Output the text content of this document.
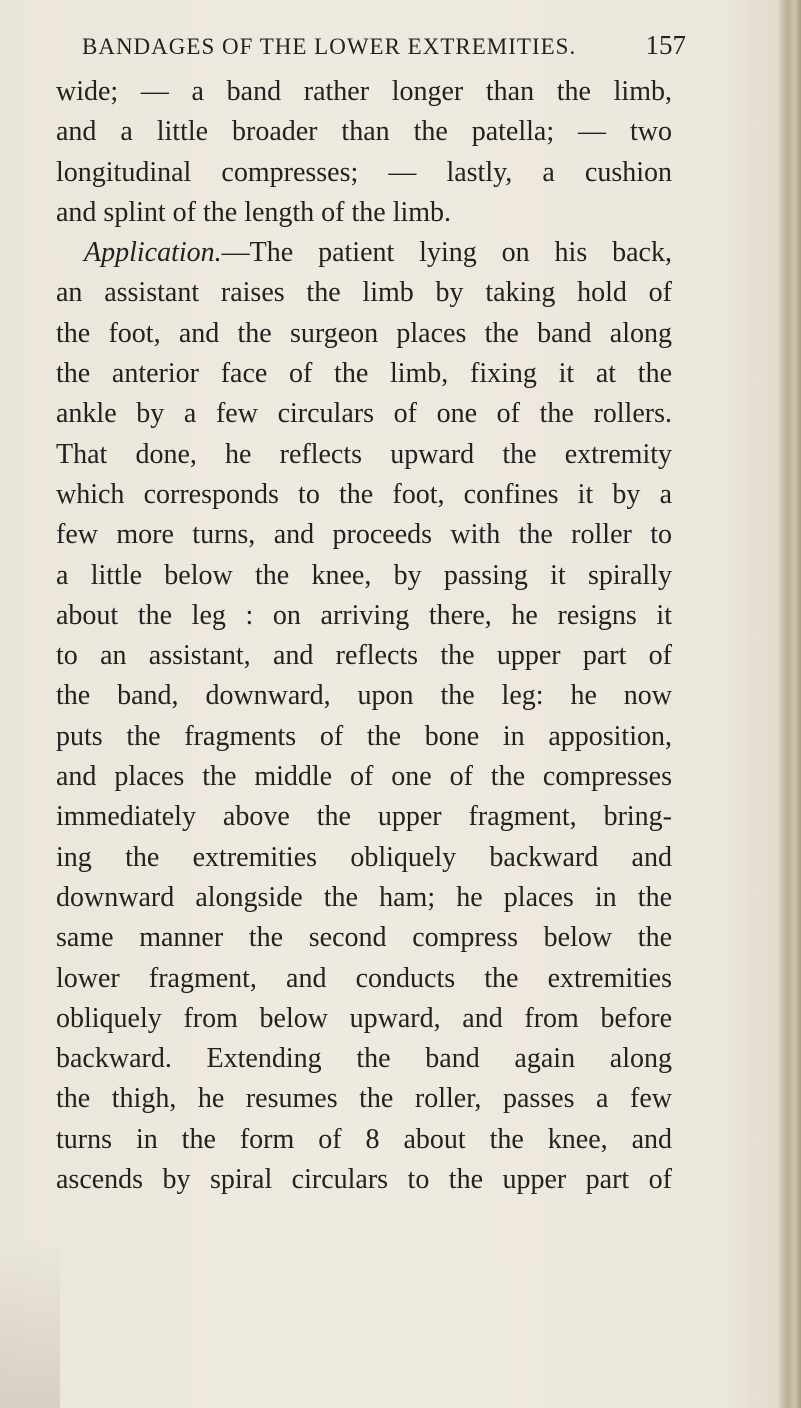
BANDAGES OF THE LOWER EXTREMITIES.	157
wide; — a band rather longer than the limb,
and a little broader than the patella; — two
longitudinal compresses; — lastly, a cushion
and splint of the length of the limb.
Application.—The patient lying on his back,
an assistant raises the limb by taking hold of
the foot, and the surgeon places the band along
the anterior face of the limb, fixing it at the
ankle by a few circulars of one of the rollers.
That done, he reflects upward the extremity
which corresponds to the foot, confines it by a
few more turns, and proceeds with the roller to
a little below the knee, by passing it spirally
about the leg : on arriving there, he resigns it
to an assistant, and reflects the upper part of
the band, downward, upon the leg: he now
puts the fragments of the bone in apposition,
and places the middle of one of the compresses
immediately above the upper fragment, bring-
ing the extremities obliquely backward and
downward alongside the ham; he places in the
same manner the second compress below the
lower fragment, and conducts the extremities
obliquely from below upward, and from before
backward. Extending the band again along
the thigh, he resumes the roller, passes a few
turns in the form of 8 about the knee, and
ascends by spiral circulars to the upper part of
